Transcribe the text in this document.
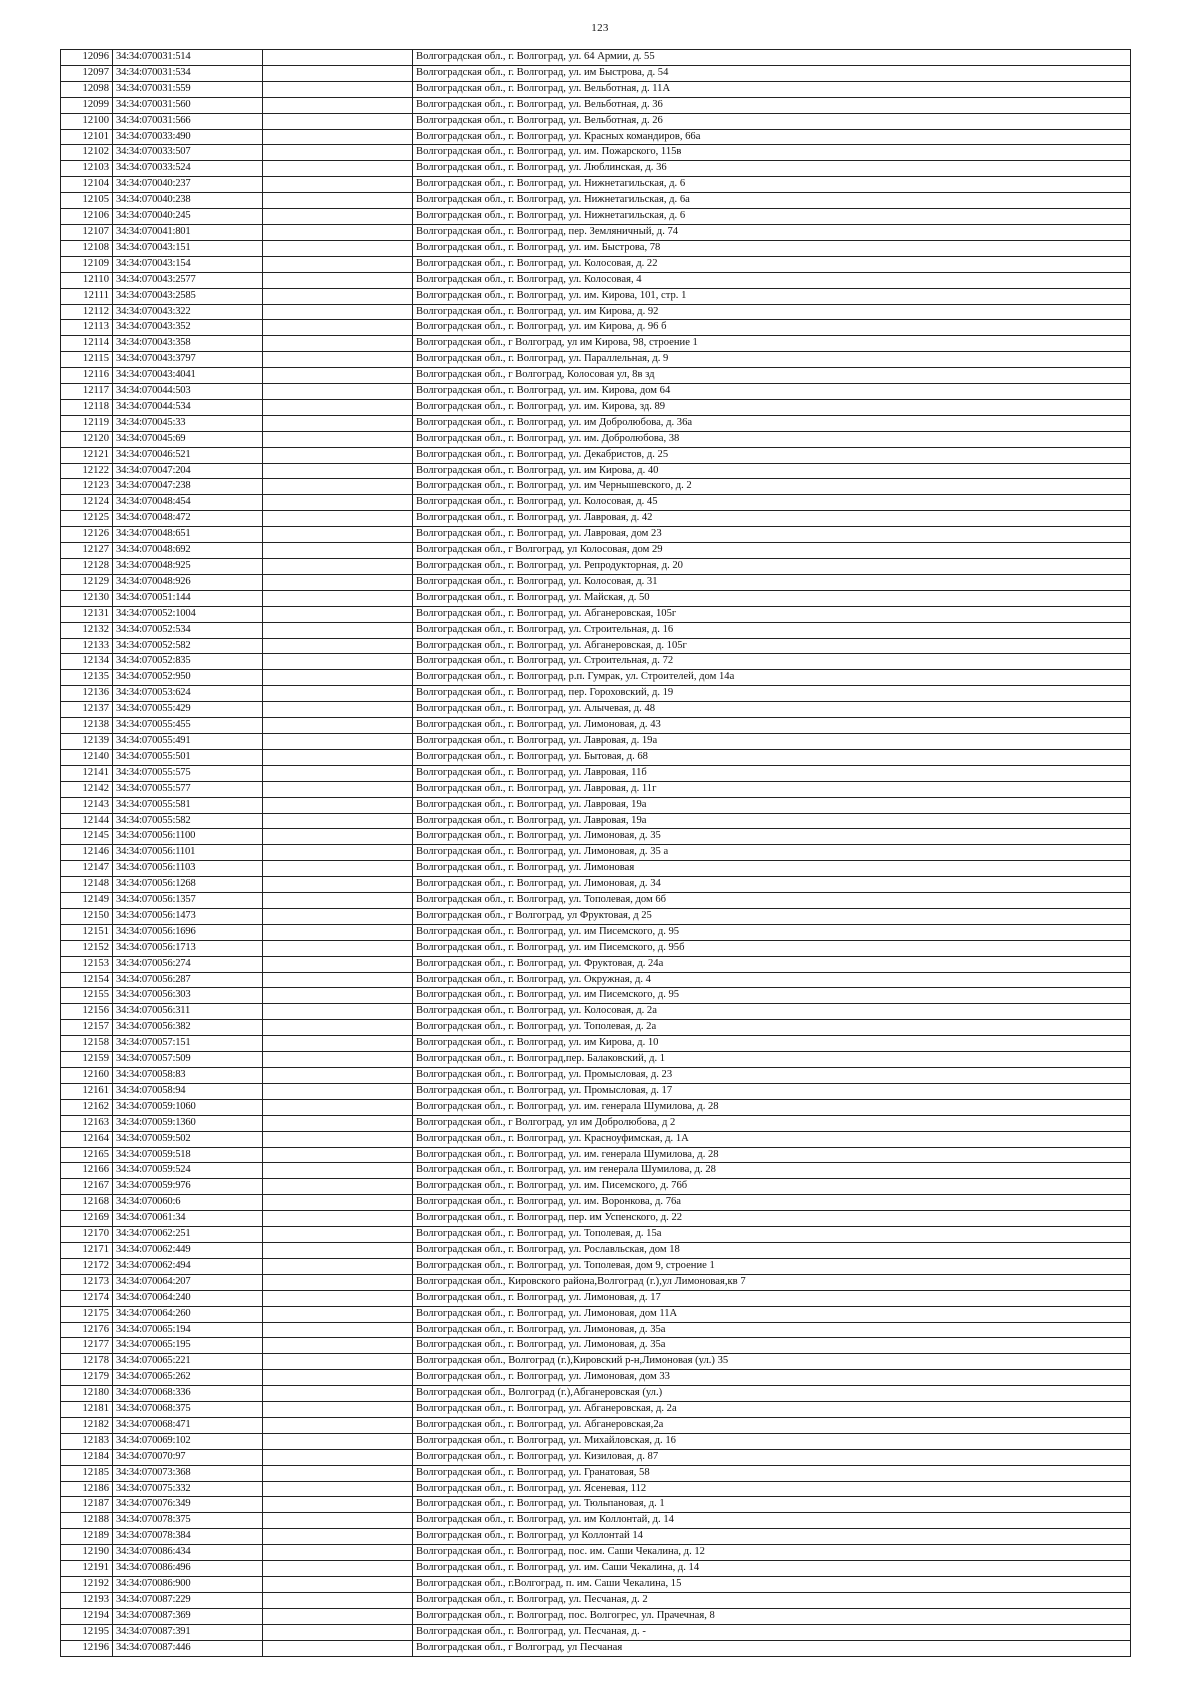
123
12096	34:34:070031:514		Волгоградская обл., г. Волгоград, ул. 64 Армии, д. 55
12097	34:34:070031:534		Волгоградская обл., г. Волгоград, ул. им Быстрова, д. 54
12098	34:34:070031:559		Волгоградская обл., г. Волгоград, ул. Вельботная, д. 11А
12099	34:34:070031:560		Волгоградская обл., г. Волгоград, ул. Вельботная, д. 36
12100	34:34:070031:566		Волгоградская обл., г. Волгоград, ул. Вельботная, д. 26
12101	34:34:070033:490		Волгоградская обл., г. Волгоград, ул. Красных командиров, 66а
12102	34:34:070033:507		Волгоградская обл., г. Волгоград, ул. им. Пожарского, 115в
12103	34:34:070033:524		Волгоградская обл., г. Волгоград, ул. Люблинская, д. 36
12104	34:34:070040:237		Волгоградская обл., г. Волгоград, ул. Нижнетагильская, д. 6
12105	34:34:070040:238		Волгоградская обл., г. Волгоград, ул. Нижнетагильская, д. 6а
12106	34:34:070040:245		Волгоградская обл., г. Волгоград, ул. Нижнетагильская, д. 6
12107	34:34:070041:801		Волгоградская обл., г. Волгоград, пер. Земляничный, д. 74
12108	34:34:070043:151		Волгоградская обл., г. Волгоград, ул. им. Быстрова, 78
12109	34:34:070043:154		Волгоградская обл., г. Волгоград, ул. Колосовая, д. 22
12110	34:34:070043:2577		Волгоградская обл., г. Волгоград, ул. Колосовая, 4
12111	34:34:070043:2585		Волгоградская обл., г. Волгоград, ул. им. Кирова, 101, стр. 1
12112	34:34:070043:322		Волгоградская обл., г. Волгоград, ул. им Кирова, д. 92
12113	34:34:070043:352		Волгоградская обл., г. Волгоград, ул. им Кирова, д. 96 б
12114	34:34:070043:358		Волгоградская обл., г Волгоград, ул им Кирова, 98, строение 1
12115	34:34:070043:3797		Волгоградская обл., г. Волгоград, ул. Параллельная, д. 9
12116	34:34:070043:4041		Волгоградская обл., г Волгоград, Колосовая ул, 8в зд
12117	34:34:070044:503		Волгоградская обл., г. Волгоград, ул. им. Кирова, дом 64
12118	34:34:070044:534		Волгоградская обл., г. Волгоград, ул. им. Кирова, зд. 89
12119	34:34:070045:33		Волгоградская обл., г. Волгоград, ул. им Добролюбова, д. 36а
12120	34:34:070045:69		Волгоградская обл., г. Волгоград, ул. им. Добролюбова, 38
12121	34:34:070046:521		Волгоградская обл., г. Волгоград, ул. Декабристов, д. 25
12122	34:34:070047:204		Волгоградская обл., г. Волгоград, ул. им Кирова, д. 40
12123	34:34:070047:238		Волгоградская обл., г. Волгоград, ул. им Чернышевского, д. 2
12124	34:34:070048:454		Волгоградская обл., г. Волгоград, ул. Колосовая, д. 45
12125	34:34:070048:472		Волгоградская обл., г. Волгоград, ул. Лавровая, д. 42
12126	34:34:070048:651		Волгоградская обл., г. Волгоград, ул. Лавровая, дом 23
12127	34:34:070048:692		Волгоградская обл., г Волгоград, ул Колосовая, дом 29
12128	34:34:070048:925		Волгоградская обл., г. Волгоград, ул. Репродукторная, д. 20
12129	34:34:070048:926		Волгоградская обл., г. Волгоград, ул. Колосовая, д. 31
12130	34:34:070051:144		Волгоградская обл., г. Волгоград, ул. Майская, д. 50
12131	34:34:070052:1004		Волгоградская обл., г. Волгоград, ул. Абганеровская, 105г
12132	34:34:070052:534		Волгоградская обл., г. Волгоград, ул. Строительная, д. 16
12133	34:34:070052:582		Волгоградская обл., г. Волгоград, ул. Абганеровская, д. 105г
12134	34:34:070052:835		Волгоградская обл., г. Волгоград, ул. Строительная, д. 72
12135	34:34:070052:950		Волгоградская обл., г. Волгоград, р.п. Гумрак, ул. Строителей, дом 14а
12136	34:34:070053:624		Волгоградская обл., г. Волгоград, пер. Гороховский, д. 19
12137	34:34:070055:429		Волгоградская обл., г. Волгоград, ул. Алычевая, д. 48
12138	34:34:070055:455		Волгоградская обл., г. Волгоград, ул. Лимоновая, д. 43
12139	34:34:070055:491		Волгоградская обл., г. Волгоград, ул. Лавровая, д. 19а
12140	34:34:070055:501		Волгоградская обл., г. Волгоград, ул. Бытовая, д. 68
12141	34:34:070055:575		Волгоградская обл., г. Волгоград, ул. Лавровая, 11б
12142	34:34:070055:577		Волгоградская обл., г. Волгоград, ул. Лавровая, д. 11г
12143	34:34:070055:581		Волгоградская обл., г. Волгоград, ул. Лавровая, 19а
12144	34:34:070055:582		Волгоградская обл., г. Волгоград, ул. Лавровая, 19а
12145	34:34:070056:1100		Волгоградская обл., г. Волгоград, ул. Лимоновая, д. 35
12146	34:34:070056:1101		Волгоградская обл., г. Волгоград, ул. Лимоновая, д. 35 а
12147	34:34:070056:1103		Волгоградская обл., г. Волгоград, ул. Лимоновая
12148	34:34:070056:1268		Волгоградская обл., г. Волгоград, ул. Лимоновая, д. 34
12149	34:34:070056:1357		Волгоградская обл., г. Волгоград, ул. Тополевая, дом 6б
12150	34:34:070056:1473		Волгоградская обл., г Волгоград, ул Фруктовая, д 25
12151	34:34:070056:1696		Волгоградская обл., г. Волгоград, ул. им Писемского, д. 95
12152	34:34:070056:1713		Волгоградская обл., г. Волгоград, ул. им Писемского, д. 95б
12153	34:34:070056:274		Волгоградская обл., г. Волгоград, ул. Фруктовая, д. 24а
12154	34:34:070056:287		Волгоградская обл., г. Волгоград, ул. Окружная, д. 4
12155	34:34:070056:303		Волгоградская обл., г. Волгоград, ул. им Писемского, д. 95
12156	34:34:070056:311		Волгоградская обл., г. Волгоград, ул. Колосовая, д. 2а
12157	34:34:070056:382		Волгоградская обл., г. Волгоград, ул. Тополевая, д. 2а
12158	34:34:070057:151		Волгоградская обл., г. Волгоград, ул. им Кирова, д. 10
12159	34:34:070057:509		Волгоградская обл., г. Волгоград,пер. Балаковский, д. 1
12160	34:34:070058:83		Волгоградская обл., г. Волгоград, ул. Промысловая, д. 23
12161	34:34:070058:94		Волгоградская обл., г. Волгоград, ул. Промысловая, д. 17
12162	34:34:070059:1060		Волгоградская обл., г. Волгоград, ул. им. генерала Шумилова, д. 28
12163	34:34:070059:1360		Волгоградская обл., г Волгоград, ул им Добролюбова, д 2
12164	34:34:070059:502		Волгоградская обл., г. Волгоград, ул. Красноуфимская, д. 1А
12165	34:34:070059:518		Волгоградская обл., г. Волгоград, ул. им. генерала Шумилова, д. 28
12166	34:34:070059:524		Волгоградская обл., г. Волгоград, ул. им генерала Шумилова, д. 28
12167	34:34:070059:976		Волгоградская обл., г. Волгоград, ул. им. Писемского, д. 76б
12168	34:34:070060:6		Волгоградская обл., г. Волгоград, ул. им. Воронкова, д. 76а
12169	34:34:070061:34		Волгоградская обл., г. Волгоград, пер. им Успенского, д. 22
12170	34:34:070062:251		Волгоградская обл., г. Волгоград, ул. Тополевая, д. 15а
12171	34:34:070062:449		Волгоградская обл., г. Волгоград, ул. Рославльская, дом 18
12172	34:34:070062:494		Волгоградская обл., г. Волгоград, ул. Тополевая, дом 9, строение 1
12173	34:34:070064:207		Волгоградская обл., Кировского района,Волгоград (г.),ул Лимоновая,кв 7
12174	34:34:070064:240		Волгоградская обл., г. Волгоград, ул. Лимоновая, д. 17
12175	34:34:070064:260		Волгоградская обл., г. Волгоград, ул. Лимоновая, дом 11А
12176	34:34:070065:194		Волгоградская обл., г. Волгоград, ул. Лимоновая, д. 35а
12177	34:34:070065:195		Волгоградская обл., г. Волгоград, ул. Лимоновая, д. 35а
12178	34:34:070065:221		Волгоградская обл., Волгоград (г.),Кировский р-н,Лимоновая (ул.) 35
12179	34:34:070065:262		Волгоградская обл., г. Волгоград, ул. Лимоновая, дом 33
12180	34:34:070068:336		Волгоградская обл., Волгоград (г.),Абганеровская (ул.)
12181	34:34:070068:375		Волгоградская обл., г. Волгоград, ул. Абганеровская, д. 2а
12182	34:34:070068:471		Волгоградская обл., г. Волгоград, ул. Абганеровская,2а
12183	34:34:070069:102		Волгоградская обл., г. Волгоград, ул. Михайловская, д. 16
12184	34:34:070070:97		Волгоградская обл., г. Волгоград, ул. Кизиловая, д. 87
12185	34:34:070073:368		Волгоградская обл., г. Волгоград, ул. Гранатовая, 58
12186	34:34:070075:332		Волгоградская обл., г. Волгоград, ул. Ясеневая, 112
12187	34:34:070076:349		Волгоградская обл., г. Волгоград, ул. Тюльпановая, д. 1
12188	34:34:070078:375		Волгоградская обл., г. Волгоград, ул. им Коллонтай, д. 14
12189	34:34:070078:384		Волгоградская обл., г. Волгоград, ул Коллонтай 14
12190	34:34:070086:434		Волгоградская обл., г. Волгоград, пос. им. Саши Чекалина, д. 12
12191	34:34:070086:496		Волгоградская обл., г. Волгоград, ул. им. Саши Чекалина, д. 14
12192	34:34:070086:900		Волгоградская обл., г.Волгоград, п. им. Саши Чекалина, 15
12193	34:34:070087:229		Волгоградская обл., г. Волгоград, ул. Песчаная, д. 2
12194	34:34:070087:369		Волгоградская обл., г. Волгоград, пос. Волгогрес, ул. Прачечная, 8
12195	34:34:070087:391		Волгоградская обл., г. Волгоград, ул. Песчаная, д. -
12196	34:34:070087:446		Волгоградская обл., г Волгоград, ул Песчаная
